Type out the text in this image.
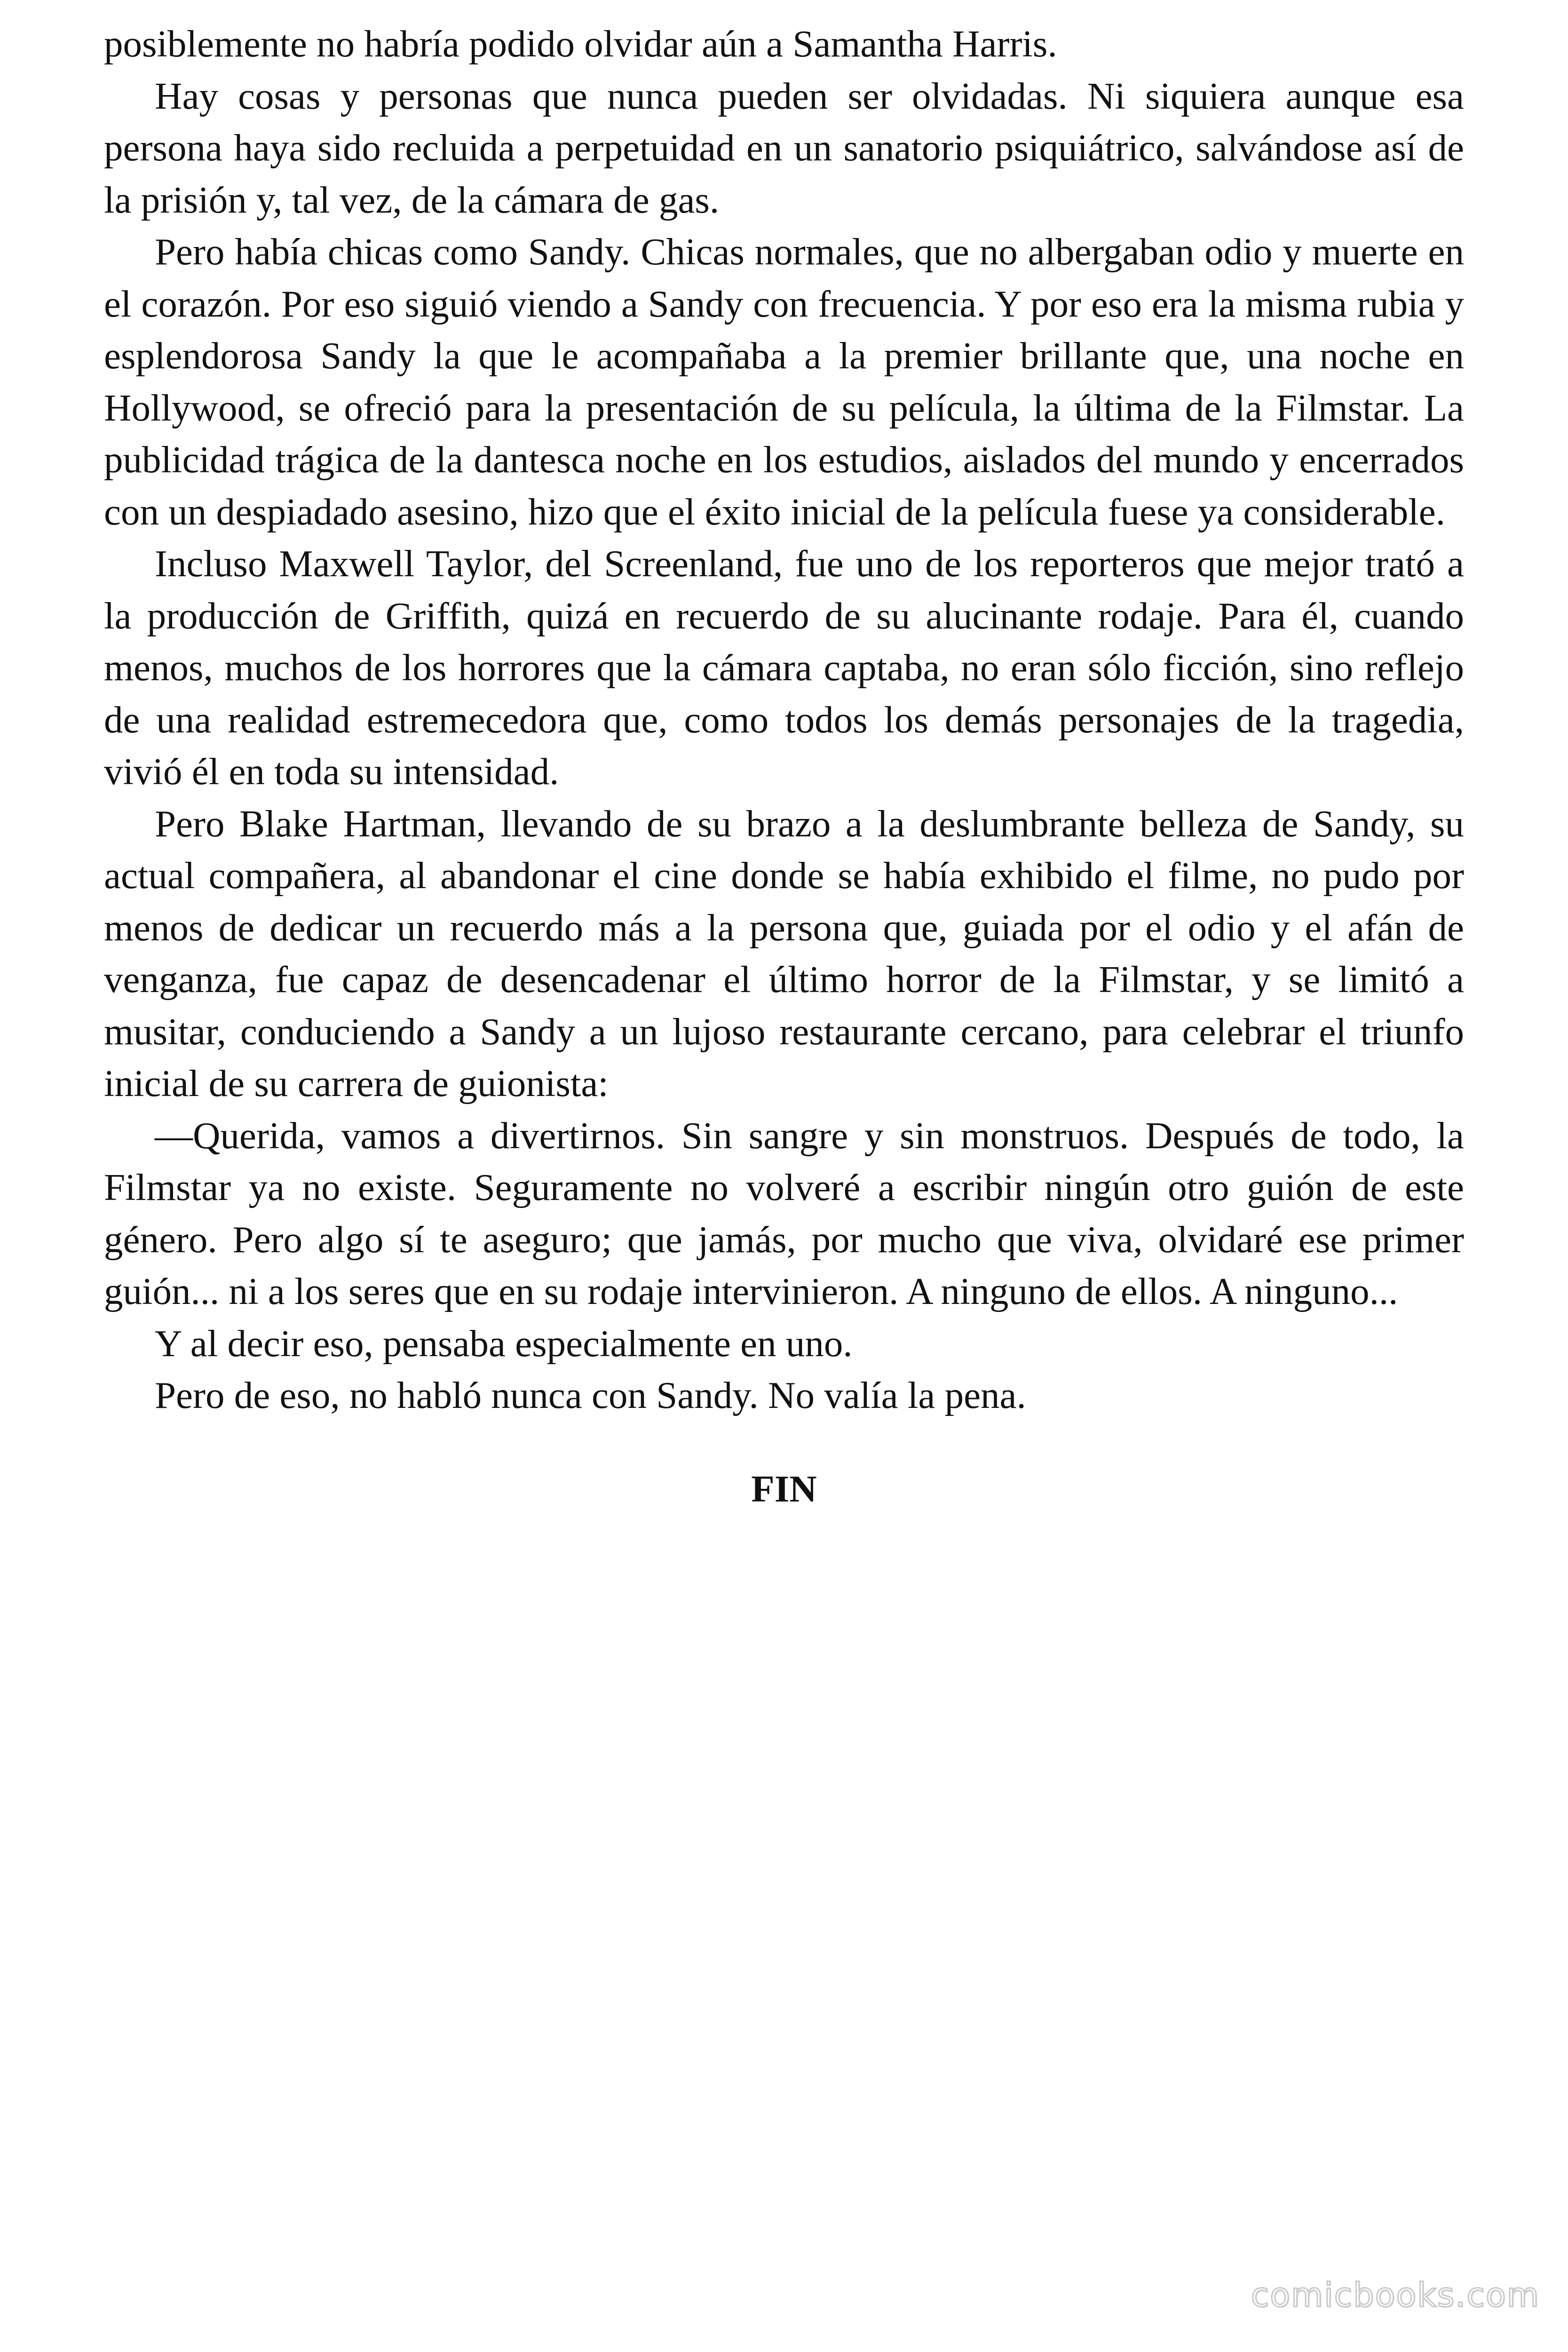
posiblemente no habría podido olvidar aún a Samantha Harris.

Hay cosas y personas que nunca pueden ser olvidadas. Ni siquiera aunque esa persona haya sido recluida a perpetuidad en un sanatorio psiquiátrico, salvándose así de la prisión y, tal vez, de la cámara de gas.

Pero había chicas como Sandy. Chicas normales, que no albergaban odio y muerte en el corazón. Por eso siguió viendo a Sandy con frecuencia. Y por eso era la misma rubia y esplendorosa Sandy la que le acompañaba a la premier brillante que, una noche en Hollywood, se ofreció para la presentación de su película, la última de la Filmstar. La publicidad trágica de la dantesca noche en los estudios, aislados del mundo y encerrados con un despiadado asesino, hizo que el éxito inicial de la película fuese ya considerable.

Incluso Maxwell Taylor, del Screenland, fue uno de los reporteros que mejor trató a la producción de Griffith, quizá en recuerdo de su alucinante rodaje. Para él, cuando menos, muchos de los horrores que la cámara captaba, no eran sólo ficción, sino reflejo de una realidad estremecedora que, como todos los demás personajes de la tragedia, vivió él en toda su intensidad.

Pero Blake Hartman, llevando de su brazo a la deslumbrante belleza de Sandy, su actual compañera, al abandonar el cine donde se había exhibido el filme, no pudo por menos de dedicar un recuerdo más a la persona que, guiada por el odio y el afán de venganza, fue capaz de desencadenar el último horror de la Filmstar, y se limitó a musitar, conduciendo a Sandy a un lujoso restaurante cercano, para celebrar el triunfo inicial de su carrera de guionista:

—Querida, vamos a divertirnos. Sin sangre y sin monstruos. Después de todo, la Filmstar ya no existe. Seguramente no volveré a escribir ningún otro guión de este género. Pero algo sí te aseguro; que jamás, por mucho que viva, olvidaré ese primer guión... ni a los seres que en su rodaje intervinieron. A ninguno de ellos. A ninguno...

Y al decir eso, pensaba especialmente en uno.

Pero de eso, no habló nunca con Sandy. No valía la pena.

FIN
comicbooks.com
